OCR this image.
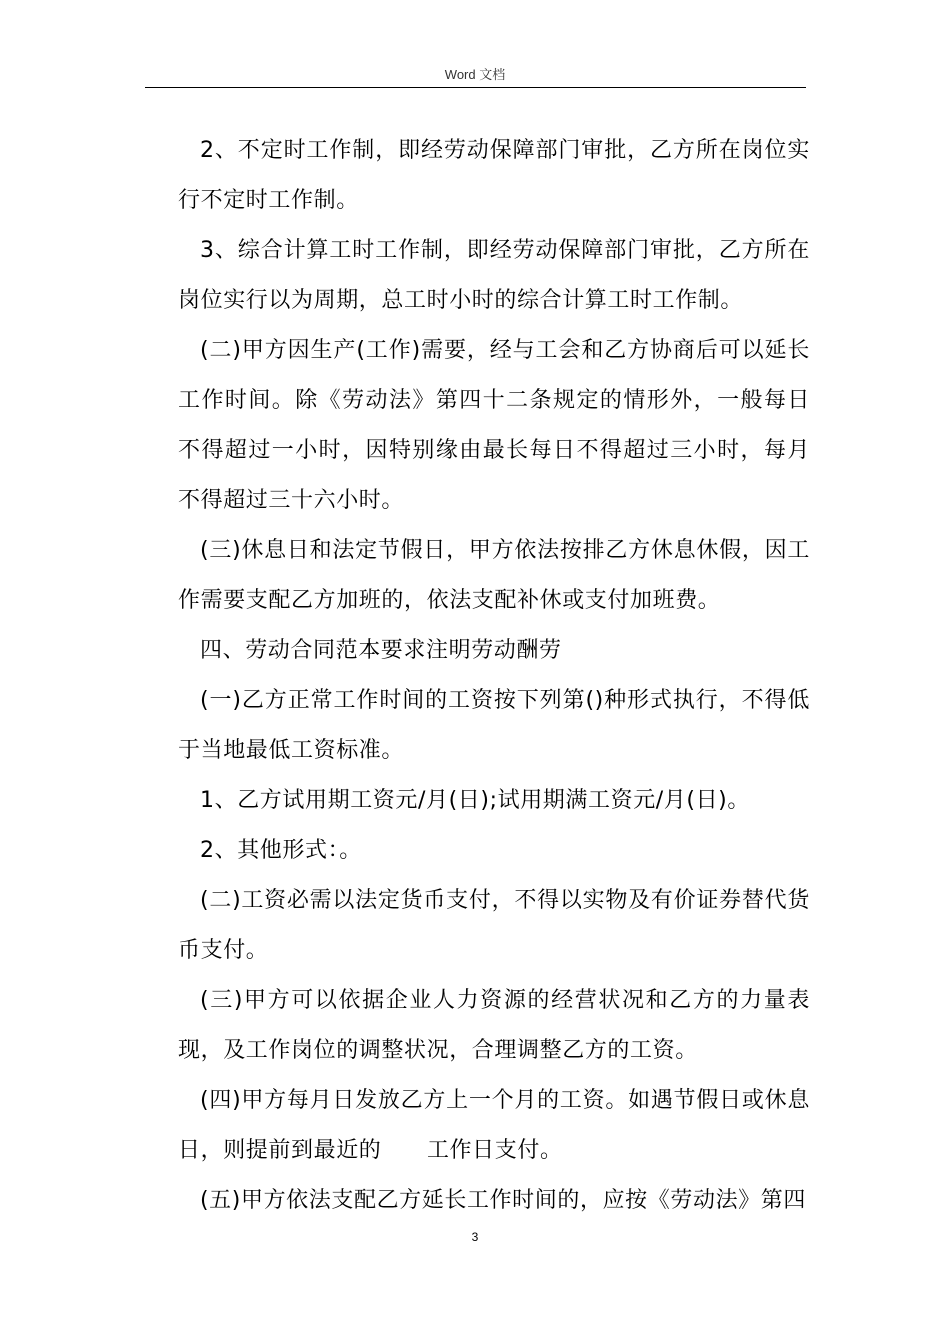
Word 文档

2、不定时工作制，即经劳动保障部门审批，乙方所在岗位实行不定时工作制。

3、综合计算工时工作制，即经劳动保障部门审批，乙方所在岗位实行以为周期，总工时小时的综合计算工时工作制。

(二)甲方因生产(工作)需要，经与工会和乙方协商后可以延长工作时间。除《劳动法》第四十二条规定的情形外，一般每日不得超过一小时，因特别缘由最长每日不得超过三小时，每月不得超过三十六小时。

(三)休息日和法定节假日，甲方依法按排乙方休息休假，因工作需要支配乙方加班的，依法支配补休或支付加班费。

四、劳动合同范本要求注明劳动酬劳

(一)乙方正常工作时间的工资按下列第()种形式执行，不得低于当地最低工资标准。

1、乙方试用期工资元/月(日);试用期满工资元/月(日)。

2、其他形式：。

(二)工资必需以法定货币支付，不得以实物及有价证券替代货币支付。

(三)甲方可以依据企业人力资源的经营状况和乙方的力量表现，及工作岗位的调整状况，合理调整乙方的工资。

(四)甲方每月日发放乙方上一个月的工资。如遇节假日或休息日，则提前到最近的      工作日支付。

(五)甲方依法支配乙方延长工作时间的，应按《劳动法》第四

3
